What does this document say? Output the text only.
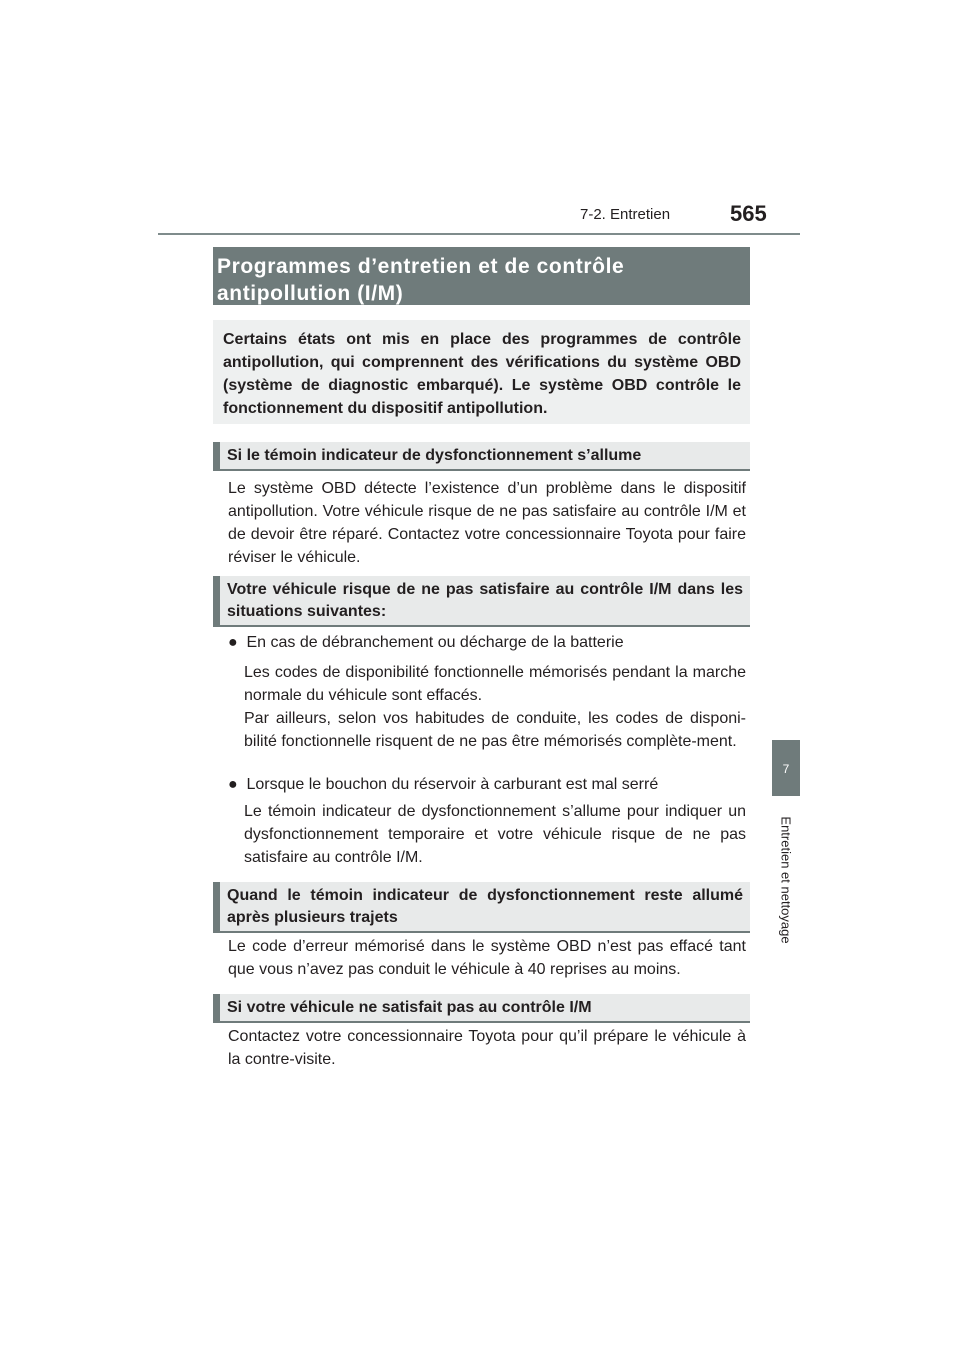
7-2. Entretien	565
Programmes d’entretien et de contrôle
antipollution (I/M)
Certains états ont mis en place des programmes de contrôle antipollution, qui comprennent des vérifications du système OBD (système de diagnostic embarqué). Le système OBD contrôle le fonctionnement du dispositif antipollution.
Si le témoin indicateur de dysfonctionnement s’allume
Le système OBD détecte l’existence d’un problème dans le dispositif antipollution. Votre véhicule risque de ne pas satisfaire au contrôle I/M et de devoir être réparé. Contactez votre concessionnaire Toyota pour faire réviser le véhicule.
Votre véhicule risque de ne pas satisfaire au contrôle I/M dans les situations suivantes:
● En cas de débranchement ou décharge de la batterie
Les codes de disponibilité fonctionnelle mémorisés pendant la marche normale du véhicule sont effacés.
Par ailleurs, selon vos habitudes de conduite, les codes de disponi-bilité fonctionnelle risquent de ne pas être mémorisés complète-ment.
● Lorsque le bouchon du réservoir à carburant est mal serré
Le témoin indicateur de dysfonctionnement s’allume pour indiquer un dysfonctionnement temporaire et votre véhicule risque de ne pas satisfaire au contrôle I/M.
Quand le témoin indicateur de dysfonctionnement reste allumé après plusieurs trajets
Le code d’erreur mémorisé dans le système OBD n’est pas effacé tant que vous n’avez pas conduit le véhicule à 40 reprises au moins.
Si votre véhicule ne satisfait pas au contrôle I/M
Contactez votre concessionnaire Toyota pour qu’il prépare le véhicule à la contre-visite.
7
Entretien et nettoyage
